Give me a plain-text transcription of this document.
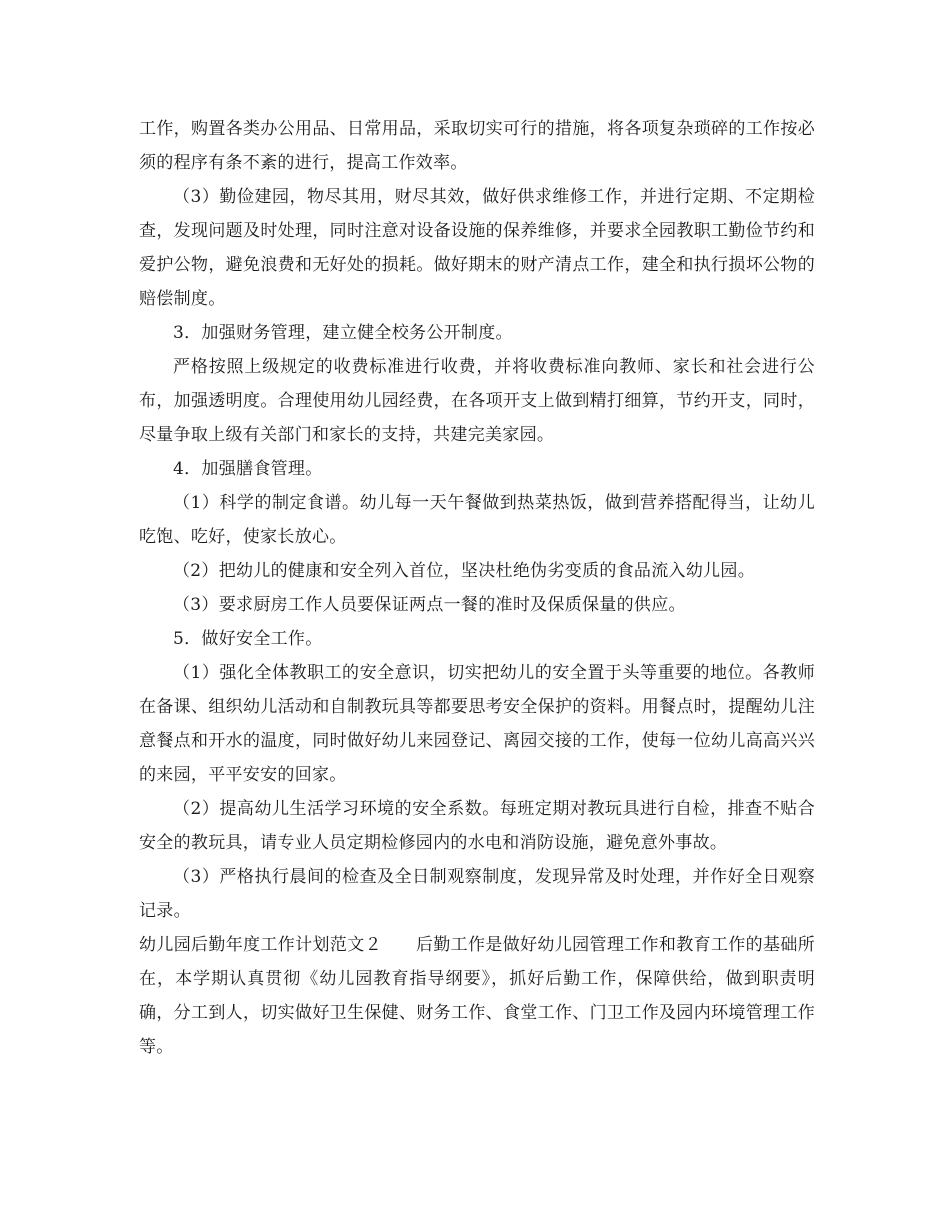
工作，购置各类办公用品、日常用品，采取切实可行的措施，将各项复杂琐碎的工作按必须的程序有条不紊的进行，提高工作效率。

（3）勤俭建园，物尽其用，财尽其效，做好供求维修工作，并进行定期、不定期检查，发现问题及时处理，同时注意对设备设施的保养维修，并要求全园教职工勤俭节约和爱护公物，避免浪费和无好处的损耗。做好期末的财产清点工作，建全和执行损坏公物的赔偿制度。

3．加强财务管理，建立健全校务公开制度。

严格按照上级规定的收费标准进行收费，并将收费标准向教师、家长和社会进行公布，加强透明度。合理使用幼儿园经费，在各项开支上做到精打细算，节约开支，同时，尽量争取上级有关部门和家长的支持，共建完美家园。

4．加强膳食管理。

（1）科学的制定食谱。幼儿每一天午餐做到热菜热饭，做到营养搭配得当，让幼儿吃饱、吃好，使家长放心。

（2）把幼儿的健康和安全列入首位，坚决杜绝伪劣变质的食品流入幼儿园。

（3）要求厨房工作人员要保证两点一餐的准时及保质保量的供应。

5．做好安全工作。

（1）强化全体教职工的安全意识，切实把幼儿的安全置于头等重要的地位。各教师在备课、组织幼儿活动和自制教玩具等都要思考安全保护的资料。用餐点时，提醒幼儿注意餐点和开水的温度，同时做好幼儿来园登记、离园交接的工作，使每一位幼儿高高兴兴的来园，平平安安的回家。

（2）提高幼儿生活学习环境的安全系数。每班定期对教玩具进行自检，排查不贴合安全的教玩具，请专业人员定期检修园内的水电和消防设施，避免意外事故。

（3）严格执行晨间的检查及全日制观察制度，发现异常及时处理，并作好全日观察记录。

幼儿园后勤年度工作计划范文２ 后勤工作是做好幼儿园管理工作和教育工作的基础所在，本学期认真贯彻《幼儿园教育指导纲要》，抓好后勤工作，保障供给，做到职责明确，分工到人，切实做好卫生保健、财务工作、食堂工作、门卫工作及园内环境管理工作等。
